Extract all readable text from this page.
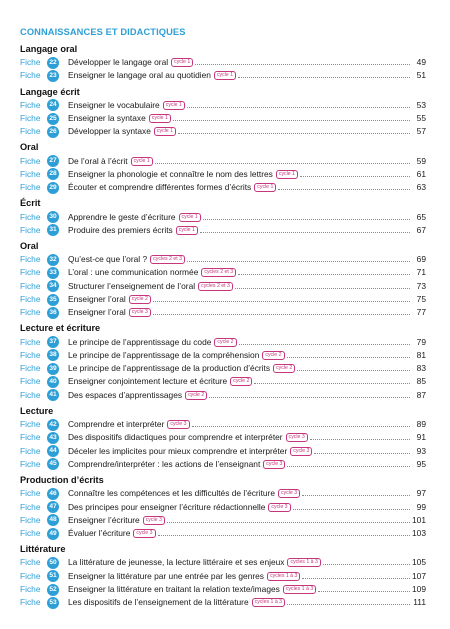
CONNAISSANCES ET DIDACTIQUES
Langage oral
Fiche	22 Développer le langage oral	cycle 1	49
Fiche	23 Enseigner le langage oral au quotidien	cycle 1	51
Langage écrit
Fiche	24 Enseigner le vocabulaire	cycle 1	53
Fiche	25 Enseigner la syntaxe	cycle 1	55
Fiche	26 Développer la syntaxe	cycle 1	57
Oral
Fiche	27 De l’oral à l’écrit	cycle 1	59
Fiche	28 Enseigner la phonologie et connaître le nom des lettres	cycle 1	61
Fiche	29 Écouter et comprendre différentes formes d’écrits	cycle 1	63
Écrit
Fiche	30 Apprendre le geste d’écriture	cycle 1	65
Fiche	31 Produire des premiers écrits	cycle 1	67
Oral
Fiche	32 Qu’est-ce que l’oral ?	cycles 2 et 3	69
Fiche	33 L’oral : une communication normée	cycles 2 et 3	71
Fiche	34 Structurer l’enseignement de l’oral	cycles 2 et 3	73
Fiche	35 Enseigner l’oral	cycle 2	75
Fiche	36 Enseigner l’oral	cycle 3	77
Lecture et écriture
Fiche	37 Le principe de l’apprentissage du code	cycle 2	79
Fiche	38 Le principe de l’apprentissage de la compréhension	cycle 2	81
Fiche	39 Le principe de l’apprentissage de la production d’écrits	cycle 2	83
Fiche	40 Enseigner conjointement lecture et écriture	cycle 2	85
Fiche	41 Des espaces d’apprentissages	cycle 2	87
Lecture
Fiche	42 Comprendre et interpréter	cycle 3	89
Fiche	43 Des dispositifs didactiques pour comprendre et interpréter	cycle 3	91
Fiche	44 Déceler les implicites pour mieux comprendre et interpréter	cycle 3	93
Fiche	45 Comprendre/interpréter : les actions de l’enseignant	cycle 3	95
Production d’écrits
Fiche	46 Connaître les compétences et les difficultés de l’écriture	cycle 3	97
Fiche	47 Des principes pour enseigner l’écriture rédactionnelle	cycle 3	99
Fiche	48 Enseigner l’écriture	cycle 3	101
Fiche	49 Évaluer l’écriture	cycle 3	103
Littérature
Fiche	50 La littérature de jeunesse, la lecture littéraire et ses enjeux	cycles 1 à 3	105
Fiche	51 Enseigner la littérature par une entrée par les genres	cycles 1 à 3	107
Fiche	52 Enseigner la littérature en traitant la relation texte/images	cycles 1 à 3	109
Fiche	53 Les dispositifs de l’enseignement de la littérature	cycles 1 à 3	111
